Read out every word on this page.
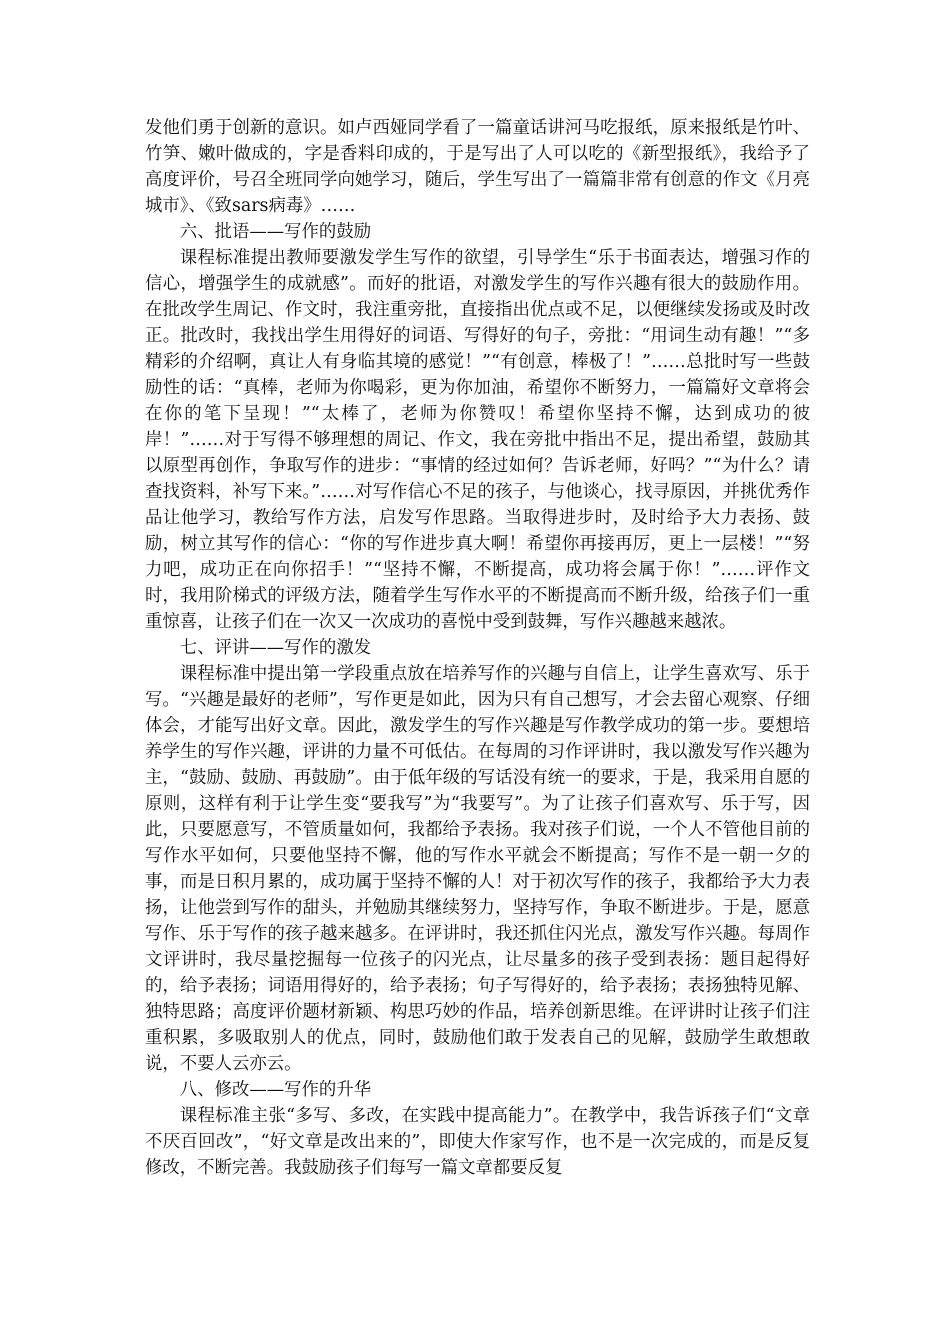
发他们勇于创新的意识。如卢西娅同学看了一篇童话讲河马吃报纸，原来报纸是竹叶、竹笋、嫩叶做成的，字是香料印成的，于是写出了人可以吃的《新型报纸》，我给予了高度评价，号召全班同学向她学习，随后，学生写出了一篇篇非常有创意的作文《月亮城市》、《致sars病毒》……

六、批语——写作的鼓励

课程标准提出教师要激发学生写作的欲望，引导学生“乐于书面表达，增强习作的信心，增强学生的成就感”。而好的批语，对激发学生的写作兴趣有很大的鼓励作用。在批改学生周记、作文时，我注重旁批，直接指出优点或不足，以便继续发扬或及时改正。批改时，我找出学生用得好的词语、写得好的句子，旁批：“用词生动有趣！”“多精彩的介绍啊，真让人有身临其境的感觉！”“有创意，棒极了！”……总批时写一些鼓励性的话：“真棒，老师为你喝彩，更为你加油，希望你不断努力，一篇篇好文章将会在你的笔下呈现！”“太棒了，老师为你赞叹！希望你坚持不懈，达到成功的彼岸！”……对于写得不够理想的周记、作文，我在旁批中指出不足，提出希望，鼓励其以原型再创作，争取写作的进步：“事情的经过如何？告诉老师，好吗？”“为什么？请查找资料，补写下来。”……对写作信心不足的孩子，与他谈心，找寻原因，并挑优秀作品让他学习，教给写作方法，启发写作思路。当取得进步时，及时给予大力表扬、鼓励，树立其写作的信心：“你的写作进步真大啊！希望你再接再厉，更上一层楼！”“努力吧，成功正在向你招手！”“坚持不懈，不断提高，成功将会属于你！”……评作文时，我用阶梯式的评级方法，随着学生写作水平的不断提高而不断升级，给孩子们一重重惊喜，让孩子们在一次又一次成功的喜悦中受到鼓舞，写作兴趣越来越浓。

七、评讲——写作的激发

课程标准中提出第一学段重点放在培养写作的兴趣与自信上，让学生喜欢写、乐于写。“兴趣是最好的老师”，写作更是如此，因为只有自己想写，才会去留心观察、仔细体会，才能写出好文章。因此，激发学生的写作兴趣是写作教学成功的第一步。要想培养学生的写作兴趣，评讲的力量不可低估。在每周的习作评讲时，我以激发写作兴趣为主，“鼓励、鼓励、再鼓励”。由于低年级的写话没有统一的要求，于是，我采用自愿的原则，这样有利于让学生变“要我写”为“我要写”。为了让孩子们喜欢写、乐于写，因此，只要愿意写，不管质量如何，我都给予表扬。我对孩子们说，一个人不管他目前的写作水平如何，只要他坚持不懈，他的写作水平就会不断提高；写作不是一朝一夕的事，而是日积月累的，成功属于坚持不懈的人！对于初次写作的孩子，我都给予大力表扬，让他尝到写作的甜头，并勉励其继续努力，坚持写作，争取不断进步。于是，愿意写作、乐于写作的孩子越来越多。在评讲时，我还抓住闪光点，激发写作兴趣。每周作文评讲时，我尽量挖掘每一位孩子的闪光点，让尽量多的孩子受到表扬：题目起得好的，给予表扬；词语用得好的，给予表扬；句子写得好的，给予表扬；表扬独特见解、独特思路；高度评价题材新颖、构思巧妙的作品，培养创新思维。在评讲时让孩子们注重积累，多吸取别人的优点，同时，鼓励他们敢于发表自己的见解，鼓励学生敢想敢说，不要人云亦云。

八、修改——写作的升华

课程标准主张“多写、多改，在实践中提高能力”。在教学中，我告诉孩子们“文章不厌百回改”，“好文章是改出来的”，即使大作家写作，也不是一次完成的，而是反复修改，不断完善。我鼓励孩子们每写一篇文章都要反复
